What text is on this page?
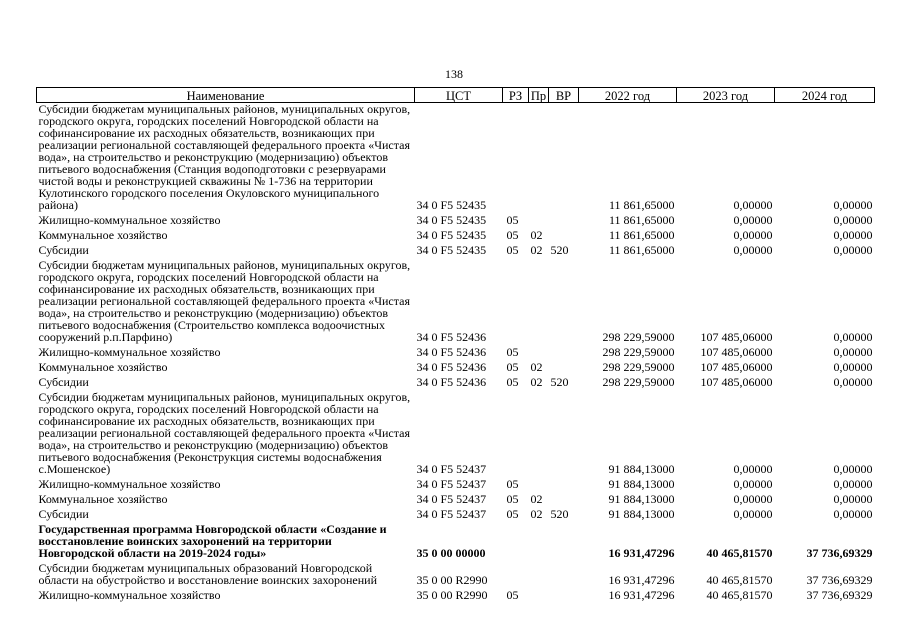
138
Наименование	ЦСТ	РЗ	Пр	ВР	2022 год	2023 год	2024 год
Субсидии бюджетам муниципальных районов, муниципальных округов, городского округа, городских поселений Новгородской области на софинансирование их расходных обязательств, возникающих при реализации региональной составляющей федерального проекта «Чистая вода», на строительство и реконструкцию (модернизацию) объектов питьевого водоснабжения (Станция водоподготовки с резервуарами чистой воды и реконструкцией скважины № 1-736 на территории Кулотинского городского поселения Окуловского муниципального района)	34 0 F5 52435				11 861,65000	0,00000	0,00000
Жилищно-коммунальное хозяйство	34 0 F5 52435	05			11 861,65000	0,00000	0,00000
Коммунальное хозяйство	34 0 F5 52435	05	02		11 861,65000	0,00000	0,00000
Субсидии	34 0 F5 52435	05	02	520	11 861,65000	0,00000	0,00000
Субсидии бюджетам муниципальных районов, муниципальных округов, городского округа, городских поселений Новгородской области на софинансирование их расходных обязательств, возникающих при реализации региональной составляющей федерального проекта «Чистая вода», на строительство и реконструкцию (модернизацию) объектов питьевого водоснабжения (Строительство комплекса водоочистных сооружений р.п.Парфино)	34 0 F5 52436				298 229,59000	107 485,06000	0,00000
Жилищно-коммунальное хозяйство	34 0 F5 52436	05			298 229,59000	107 485,06000	0,00000
Коммунальное хозяйство	34 0 F5 52436	05	02		298 229,59000	107 485,06000	0,00000
Субсидии	34 0 F5 52436	05	02	520	298 229,59000	107 485,06000	0,00000
Субсидии бюджетам муниципальных районов, муниципальных округов, городского округа, городских поселений Новгородской области на софинансирование их расходных обязательств, возникающих при реализации региональной составляющей федерального проекта «Чистая вода», на строительство и реконструкцию (модернизацию) объектов питьевого водоснабжения (Реконструкция системы водоснабжения с.Мошенское)	34 0 F5 52437				91 884,13000	0,00000	0,00000
Жилищно-коммунальное хозяйство	34 0 F5 52437	05			91 884,13000	0,00000	0,00000
Коммунальное хозяйство	34 0 F5 52437	05	02		91 884,13000	0,00000	0,00000
Субсидии	34 0 F5 52437	05	02	520	91 884,13000	0,00000	0,00000
Государственная программа Новгородской области «Создание и восстановление воинских захоронений на территории Новгородской области на 2019-2024 годы»	35 0 00 00000				16 931,47296	40 465,81570	37 736,69329
Субсидии бюджетам муниципальных образований Новгородской области на обустройство и восстановление воинских захоронений	35 0 00 R2990				16 931,47296	40 465,81570	37 736,69329
Жилищно-коммунальное хозяйство	35 0 00 R2990	05			16 931,47296	40 465,81570	37 736,69329
